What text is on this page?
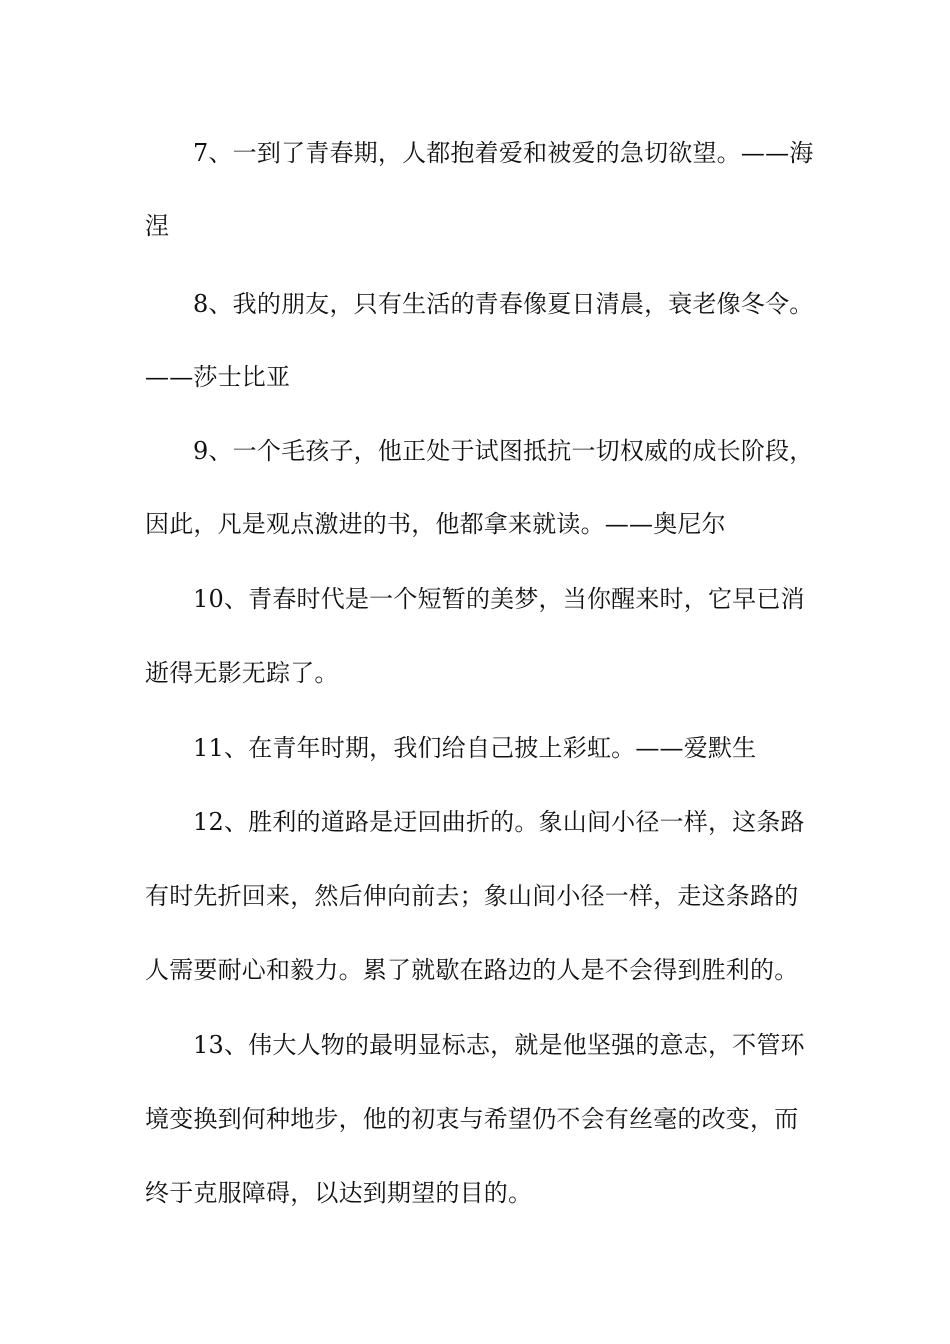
7、一到了青春期，人都抱着爱和被爱的急切欲望。——海
涅
8、我的朋友，只有生活的青春像夏日清晨，衰老像冬令。
——莎士比亚
9、一个毛孩子，他正处于试图抵抗一切权威的成长阶段，
因此，凡是观点激进的书，他都拿来就读。——奥尼尔
10、青春时代是一个短暂的美梦，当你醒来时，它早已消
逝得无影无踪了。
11、在青年时期，我们给自己披上彩虹。——爱默生
12、胜利的道路是迂回曲折的。象山间小径一样，这条路
有时先折回来，然后伸向前去；象山间小径一样，走这条路的
人需要耐心和毅力。累了就歇在路边的人是不会得到胜利的。
13、伟大人物的最明显标志，就是他坚强的意志，不管环
境变换到何种地步，他的初衷与希望仍不会有丝毫的改变，而
终于克服障碍，以达到期望的目的。
